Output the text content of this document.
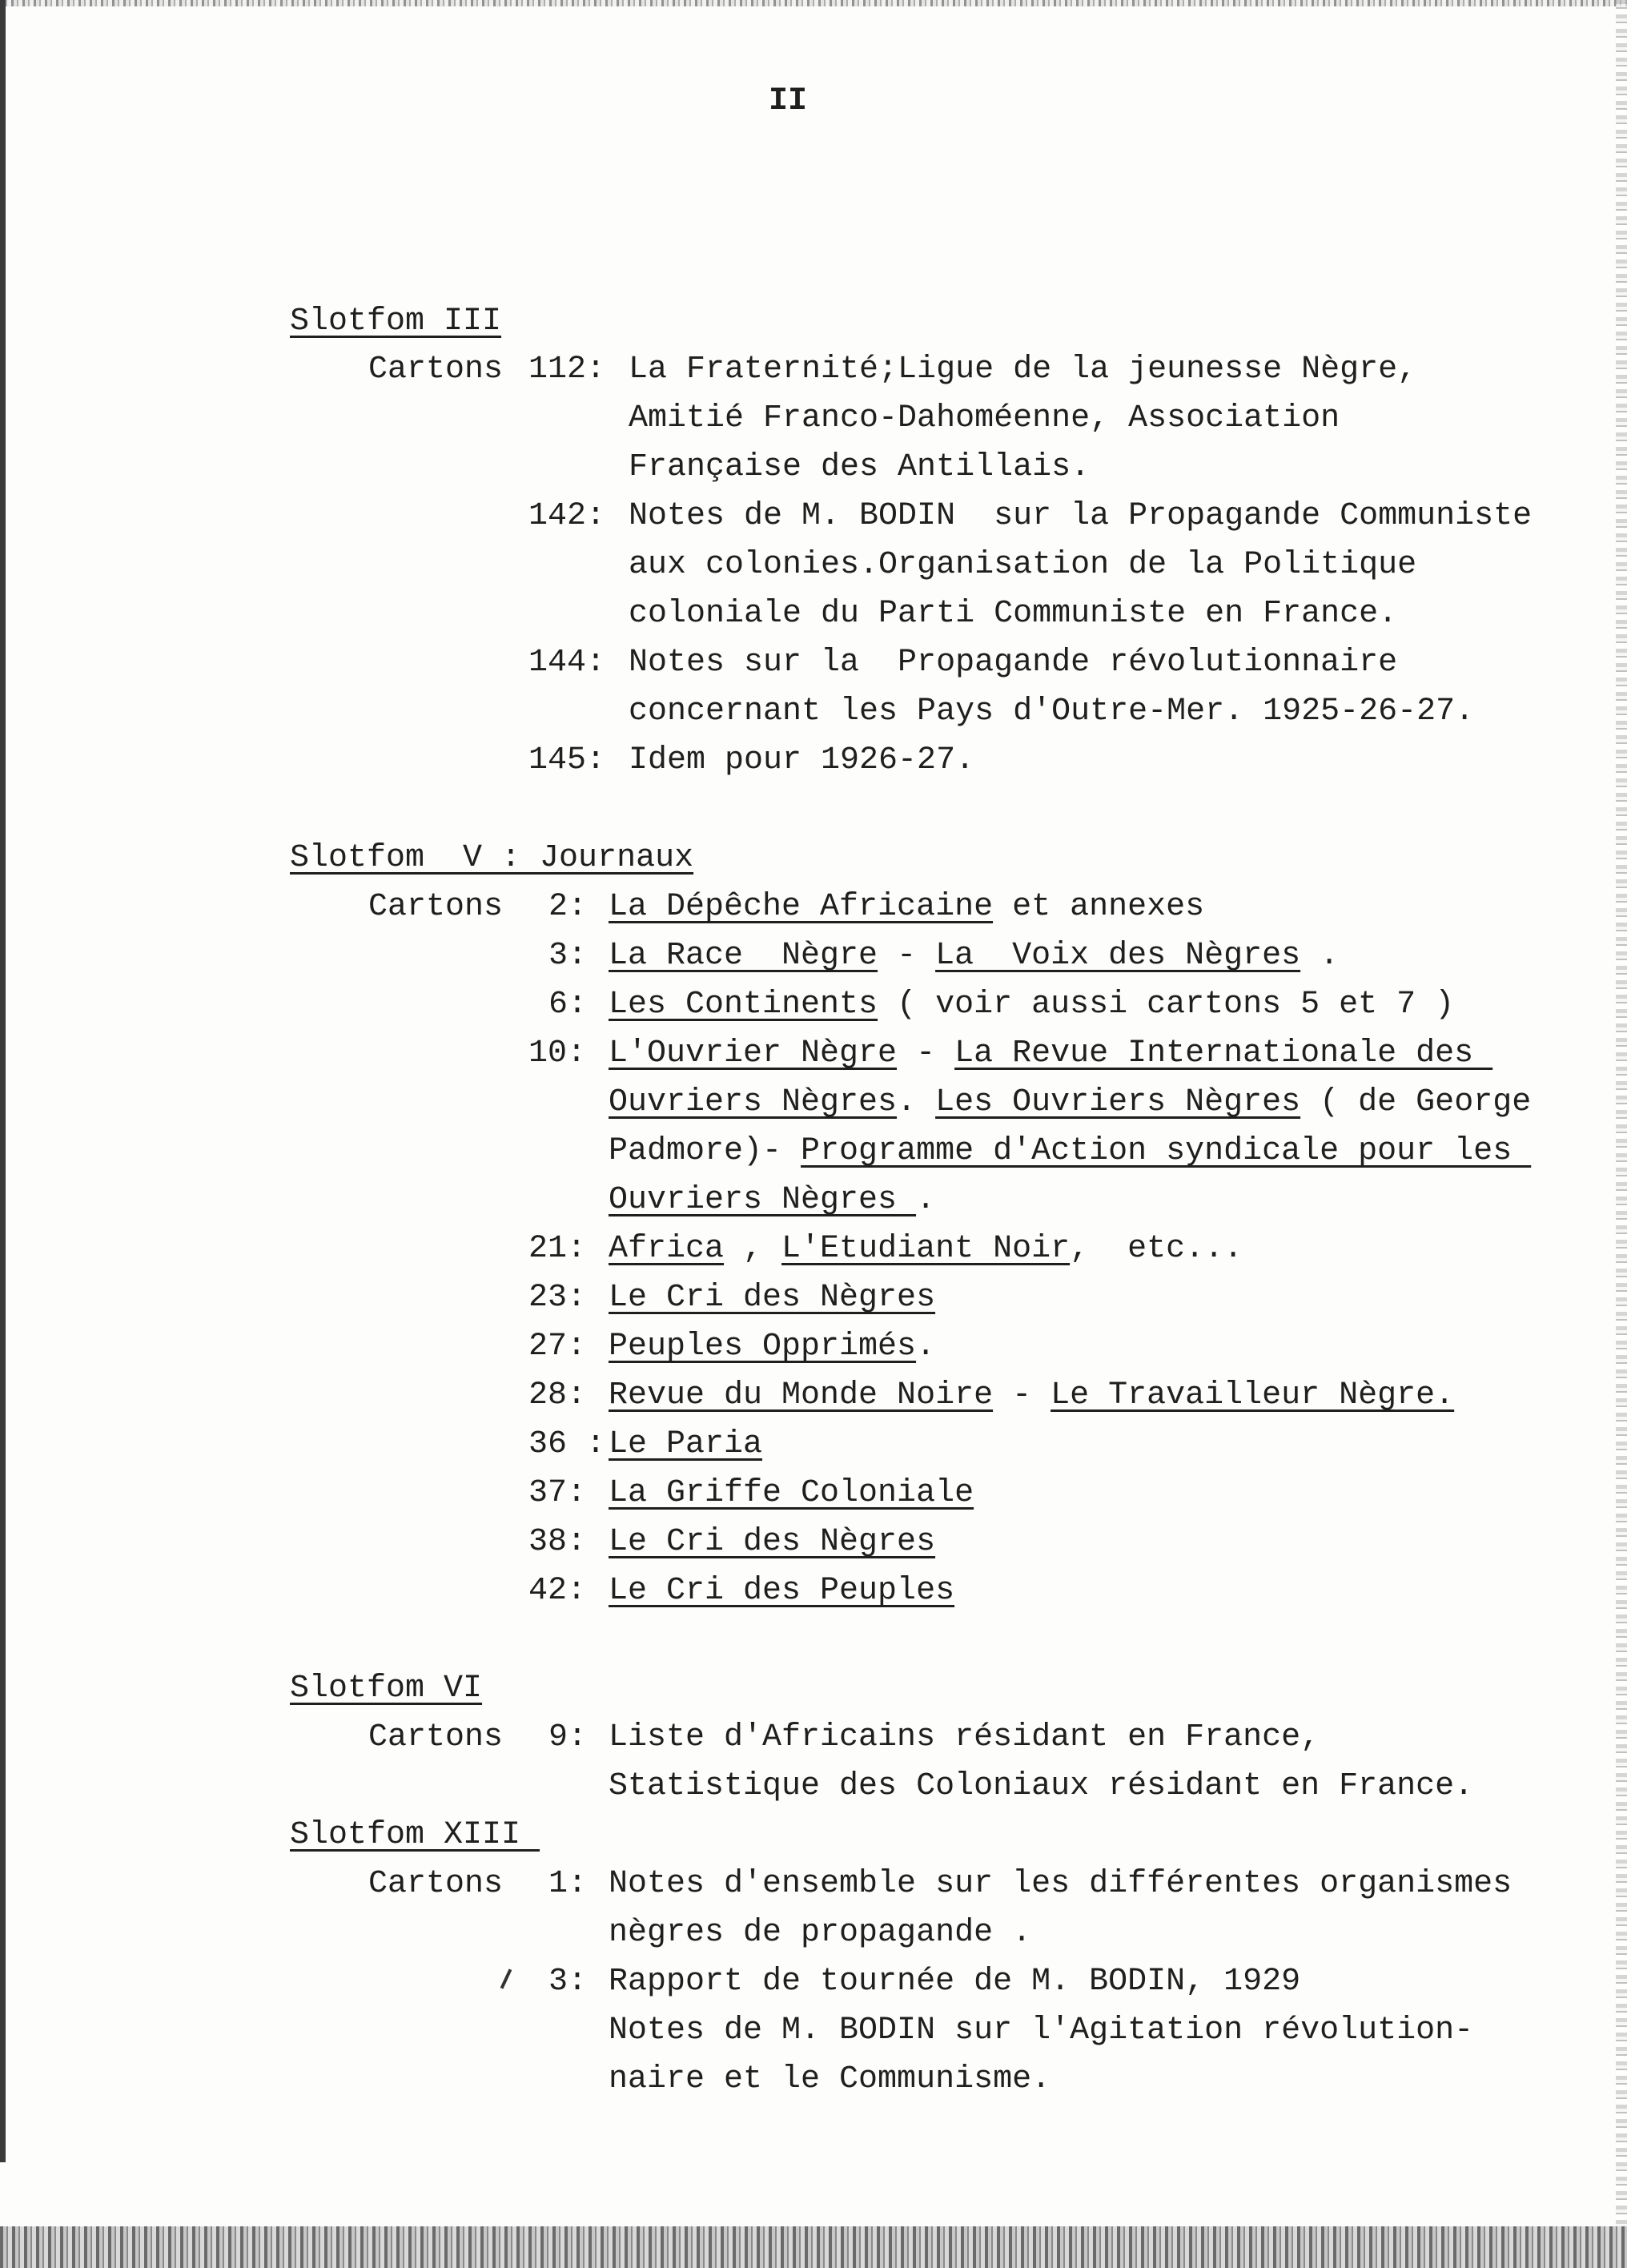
II
Slotfom III
Cartons 112: La Fraternité;Ligue de la jeunesse Nègre,
Amitié Franco-Dahoméenne, Association
Française des Antillais.
142: Notes de M. BODIN  sur la Propagande Communiste
aux colonies.Organisation de la Politique
coloniale du Parti Communiste en France.
144: Notes sur la  Propagande révolutionnaire
concernant les Pays d'Outre-Mer. 1925-26-27.
145: Idem pour 1926-27.
Slotfom  V : Journaux
Cartons 2: La Dépêche Africaine et annexes
3: La Race  Nègre - La  Voix des Nègres .
6: Les Continents ( voir aussi cartons 5 et 7 )
10: L'Ouvrier Nègre - La Revue Internationale des
Ouvriers Nègres. Les Ouvriers Nègres ( de George
Padmore)- Programme d'Action syndicale pour les
Ouvriers Nègres .
21: Africa , L'Etudiant Noir,  etc...
23: Le Cri des Nègres
27: Peuples Opprimés.
28: Revue du Monde Noire - Le Travailleur Nègre.
36 : Le Paria
37: La Griffe Coloniale
38: Le Cri des Nègres
42: Le Cri des Peuples
Slotfom VI
Cartons 9: Liste d'Africains résidant en France,
Statistique des Coloniaux résidant en France.
Slotfom XIII
Cartons 1: Notes d'ensemble sur les différentes organismes
nègres de propagande .
3: Rapport de tournée de M. BODIN, 1929
Notes de M. BODIN sur l'Agitation révolution-
naire et le Communisme.
